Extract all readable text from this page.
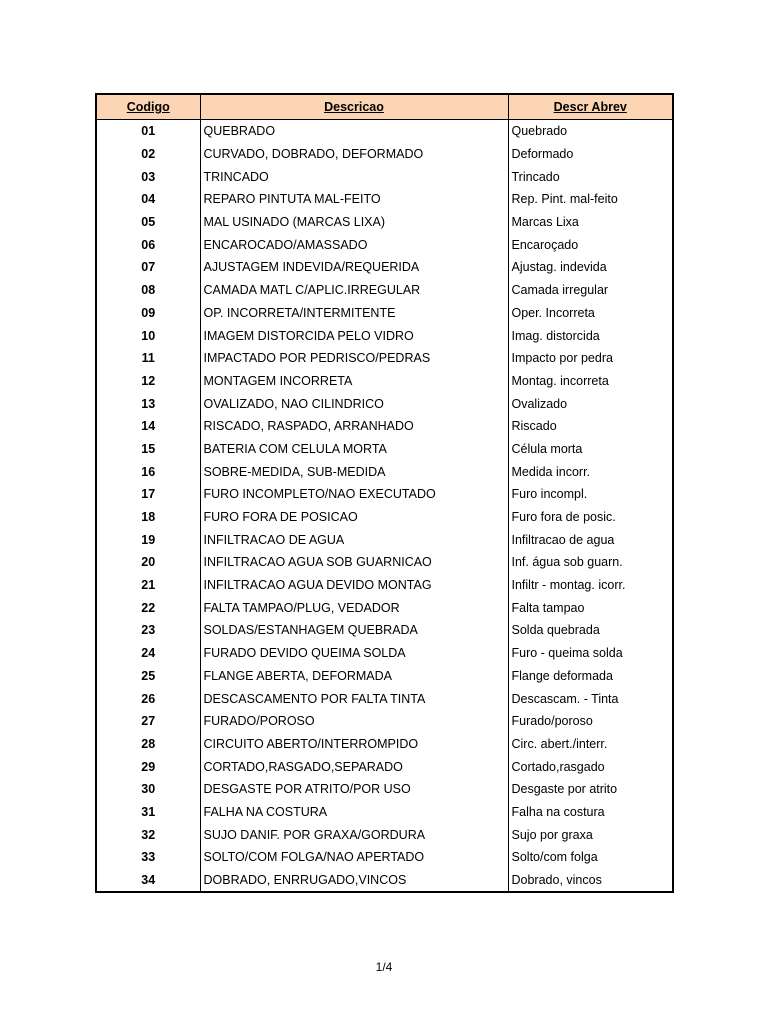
Codigo	Descricao	Descr Abrev
01	QUEBRADO	Quebrado
02	CURVADO, DOBRADO, DEFORMADO	Deformado
03	TRINCADO	Trincado
04	REPARO PINTUTA MAL-FEITO	Rep. Pint. mal-feito
05	MAL USINADO (MARCAS LIXA)	Marcas Lixa
06	ENCAROCADO/AMASSADO	Encaroçado
07	AJUSTAGEM INDEVIDA/REQUERIDA	Ajustag. indevida
08	CAMADA MATL C/APLIC.IRREGULAR	Camada irregular
09	OP. INCORRETA/INTERMITENTE	Oper. Incorreta
10	IMAGEM DISTORCIDA PELO VIDRO	Imag. distorcida
11	IMPACTADO POR PEDRISCO/PEDRAS	Impacto por pedra
12	MONTAGEM INCORRETA	Montag. incorreta
13	OVALIZADO, NAO CILINDRICO	Ovalizado
14	RISCADO, RASPADO, ARRANHADO	Riscado
15	BATERIA COM CELULA MORTA	Célula morta
16	SOBRE-MEDIDA, SUB-MEDIDA	Medida incorr.
17	FURO INCOMPLETO/NAO EXECUTADO	Furo incompl.
18	FURO FORA DE POSICAO	Furo fora de posic.
19	INFILTRACAO DE AGUA	Infiltracao de agua
20	INFILTRACAO AGUA SOB GUARNICAO	Inf. água sob guarn.
21	INFILTRACAO AGUA DEVIDO MONTAG	Infiltr - montag. icorr.
22	FALTA TAMPAO/PLUG, VEDADOR	Falta tampao
23	SOLDAS/ESTANHAGEM QUEBRADA	Solda quebrada
24	FURADO DEVIDO QUEIMA SOLDA	Furo - queima solda
25	FLANGE ABERTA, DEFORMADA	Flange deformada
26	DESCASCAMENTO POR FALTA TINTA	Descascam. - Tinta
27	FURADO/POROSO	Furado/poroso
28	CIRCUITO ABERTO/INTERROMPIDO	Circ. abert./interr.
29	CORTADO,RASGADO,SEPARADO	Cortado,rasgado
30	DESGASTE POR ATRITO/POR USO	Desgaste por atrito
31	FALHA NA COSTURA	Falha na costura
32	SUJO DANIF. POR GRAXA/GORDURA	Sujo por graxa
33	SOLTO/COM FOLGA/NAO APERTADO	Solto/com folga
34	DOBRADO, ENRRUGADO,VINCOS	Dobrado, vincos
1/4
